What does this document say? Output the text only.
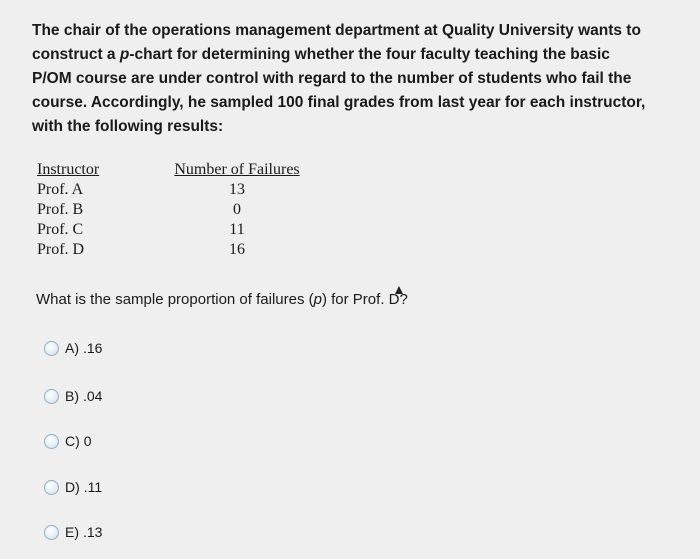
The chair of the operations management department at Quality University wants to
construct a p-chart for determining whether the four faculty teaching the basic
P/OM course are under control with regard to the number of students who fail the
course. Accordingly, he sampled 100 final grades from last year for each instructor,
with the following results:
Instructor
Prof. A
Prof. B
Prof. C
Prof. D
Number of Failures
13
0
11
16
What is the sample proportion of failures (p) for Prof. D?
A) .16
B) .04
C) 0
D) .11
E) .13
